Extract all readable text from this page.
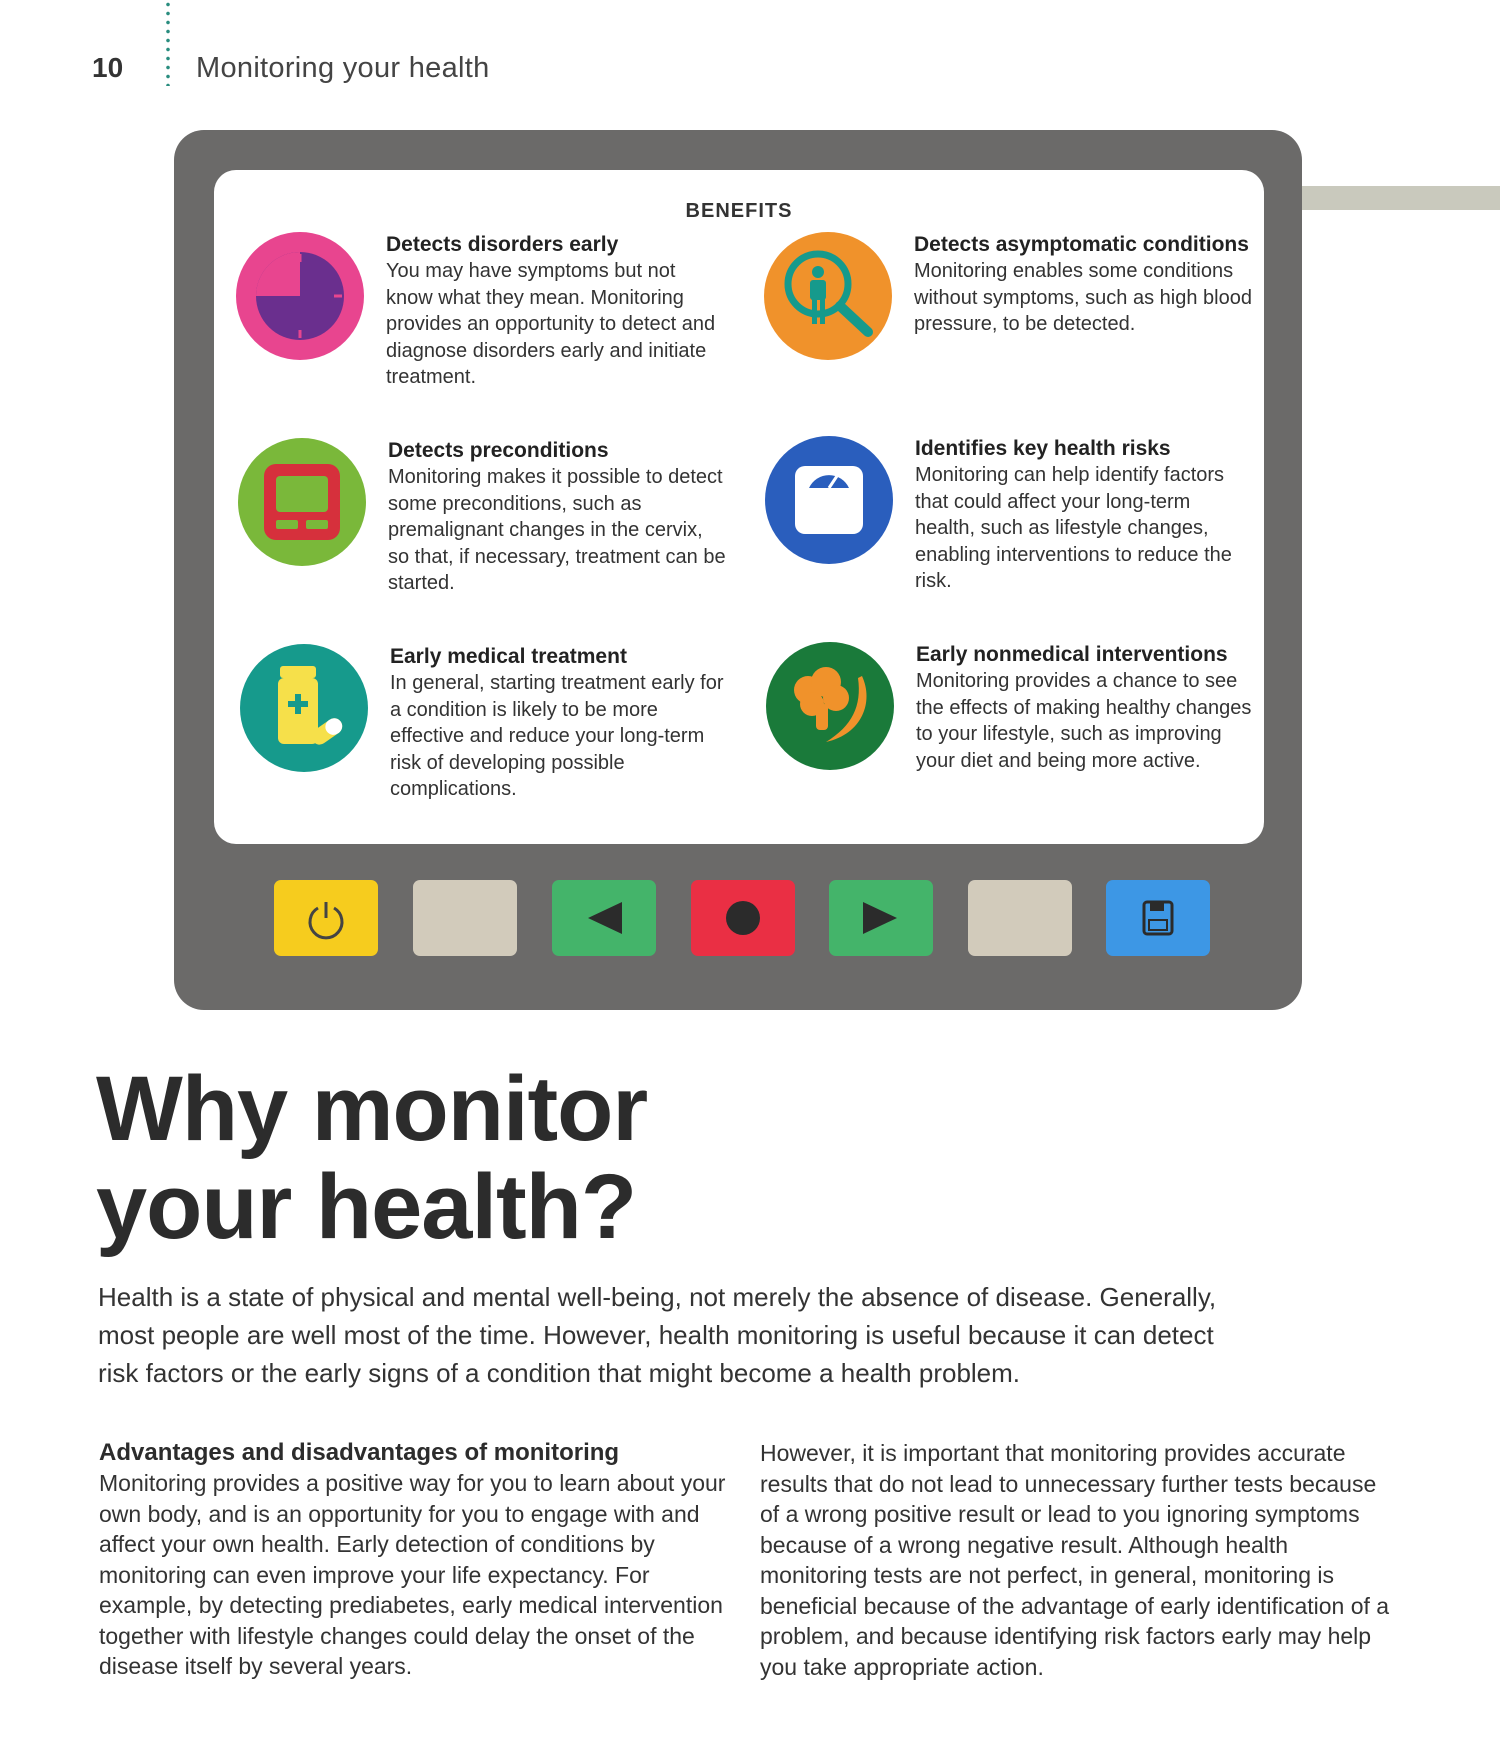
10	Monitoring your health
BENEFITS
Detects disorders early
You may have symptoms but not know what they mean. Monitoring provides an opportunity to detect and diagnose disorders early and initiate treatment.
Detects asymptomatic conditions
Monitoring enables some conditions without symptoms, such as high blood pressure, to be detected.
Detects preconditions
Monitoring makes it possible to detect some preconditions, such as premalignant changes in the cervix, so that, if necessary, treatment can be started.
Identifies key health risks
Monitoring can help identify factors that could affect your long-term health, such as lifestyle changes, enabling interventions to reduce the risk.
Early medical treatment
In general, starting treatment early for a condition is likely to be more effective and reduce your long-term risk of developing possible complications.
Early nonmedical interventions
Monitoring provides a chance to see the effects of making healthy changes to your lifestyle, such as improving your diet and being more active.
Why monitor
your health?
Health is a state of physical and mental well-being, not merely the absence of disease. Generally, most people are well most of the time. However, health monitoring is useful because it can detect risk factors or the early signs of a condition that might become a health problem.
Advantages and disadvantages of monitoring
Monitoring provides a positive way for you to learn about your own body, and is an opportunity for you to engage with and affect your own health. Early detection of conditions by monitoring can even improve your life expectancy. For example, by detecting prediabetes, early medical intervention together with lifestyle changes could delay the onset of the disease itself by several years.
However, it is important that monitoring provides accurate results that do not lead to unnecessary further tests because of a wrong positive result or lead to you ignoring symptoms because of a wrong negative result. Although health monitoring tests are not perfect, in general, monitoring is beneficial because of the advantage of early identification of a problem, and because identifying risk factors early may help you take appropriate action.
